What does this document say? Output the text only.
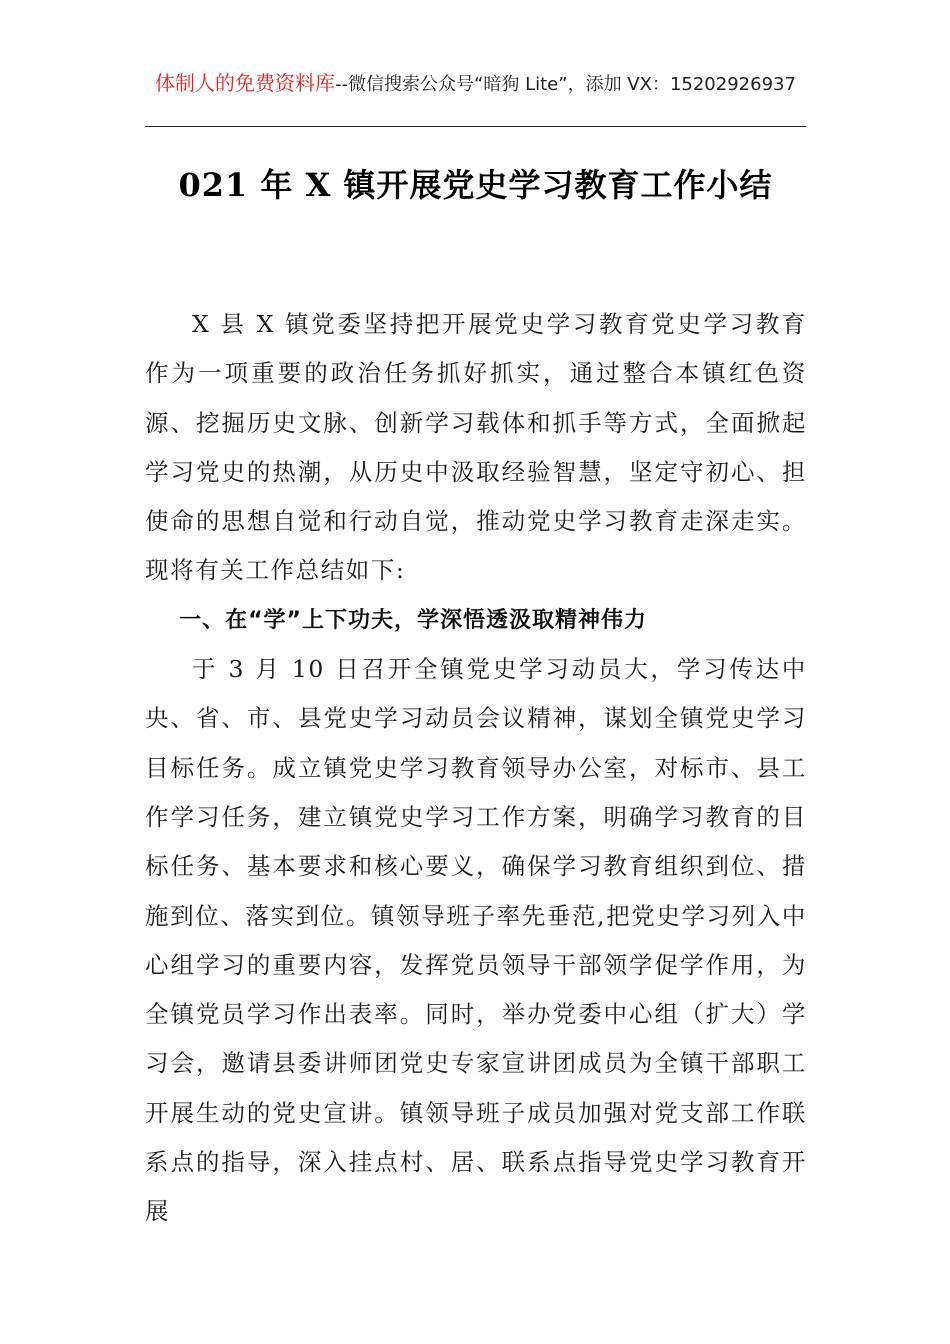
体制人的免费资料库--微信搜索公众号“暗狗 Lite”，添加 VX：15202926937
021 年 X 镇开展党史学习教育工作小结

X 县 X 镇党委坚持把开展党史学习教育党史学习教育作为一项重要的政治任务抓好抓实，通过整合本镇红色资源、挖掘历史文脉、创新学习载体和抓手等方式，全面掀起学习党史的热潮，从历史中汲取经验智慧，坚定守初心、担使命的思想自觉和行动自觉，推动党史学习教育走深走实。现将有关工作总结如下:

一、在“学”上下功夫，学深悟透汲取精神伟力

于 3 月 10 日召开全镇党史学习动员大，学习传达中央、省、市、县党史学习动员会议精神，谋划全镇党史学习目标任务。成立镇党史学习教育领导办公室，对标市、县工作学习任务，建立镇党史学习工作方案，明确学习教育的目标任务、基本要求和核心要义，确保学习教育组织到位、措施到位、落实到位。镇领导班子率先垂范,把党史学习列入中心组学习的重要内容，发挥党员领导干部领学促学作用，为全镇党员学习作出表率。同时，举办党委中心组（扩大）学习会，邀请县委讲师团党史专家宣讲团成员为全镇干部职工开展生动的党史宣讲。镇领导班子成员加强对党支部工作联系点的指导，深入挂点村、居、联系点指导党史学习教育开展
